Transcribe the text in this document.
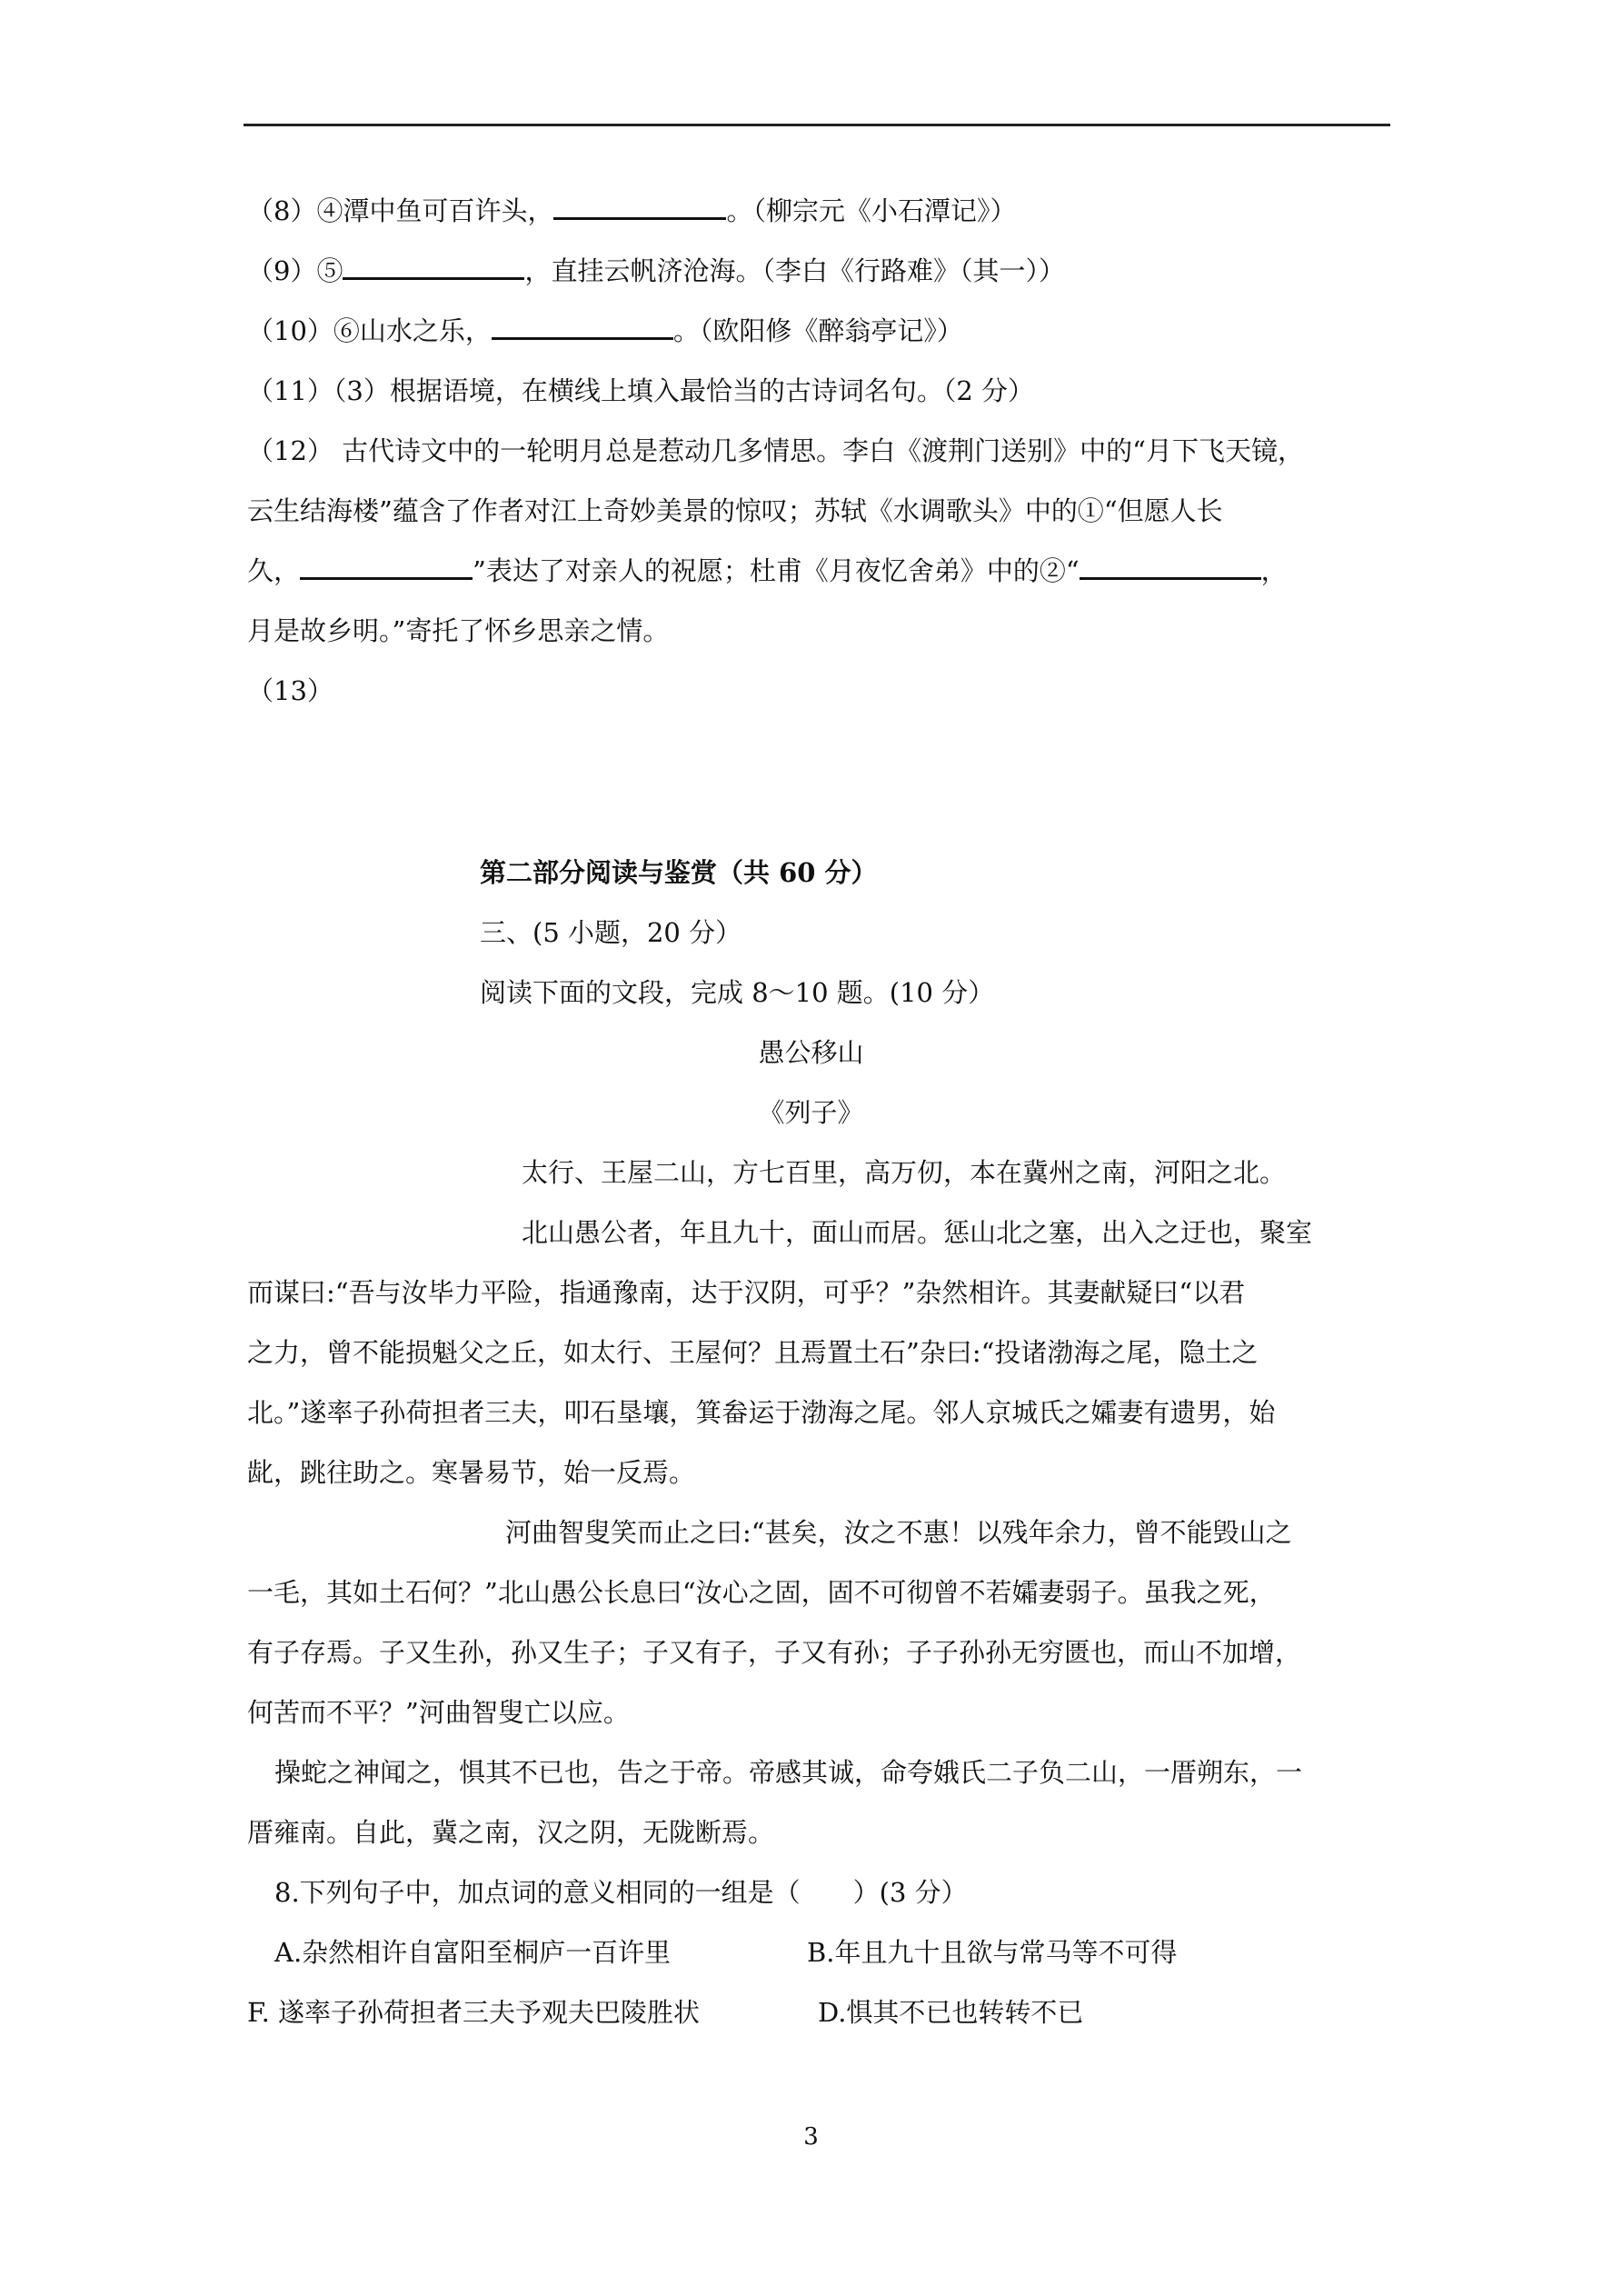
（8）④潭中鱼可百许头，	。（柳宗元《小石潭记》）
（9）⑤	，直挂云帆济沧海。（李白《行路难》（其一））
（10）⑥山水之乐，	。（欧阳修《醉翁亭记》）
（11）（3）根据语境，在横线上填入最恰当的古诗词名句。（2 分）
（12） 古代诗文中的一轮明月总是惹动几多情思。李白《渡荆门送别》中的“月下飞天镜，
云生结海楼”蕴含了作者对江上奇妙美景的惊叹；苏轼《水调歌头》中的①“但愿人长
久，	”表达了对亲人的祝愿；杜甫《月夜忆舍弟》中的②“	，
月是故乡明。”寄托了怀乡思亲之情。
（13）
第二部分阅读与鉴赏（共 60 分）
三、(5 小题，20 分）
阅读下面的文段，完成 8～10 题。(10 分）
愚公移山
《列子》
太行、王屋二山，方七百里，高万仞，本在冀州之南，河阳之北。
北山愚公者，年且九十，面山而居。惩山北之塞，出入之迂也，聚室
而谋曰:“吾与汝毕力平险，指通豫南，达于汉阴，可乎？”杂然相许。其妻献疑曰“以君
之力，曾不能损魁父之丘，如太行、王屋何？且焉置土石”杂曰:“投诸渤海之尾，隐土之
北。”遂率子孙荷担者三夫，叩石垦壤，箕畚运于渤海之尾。邻人京城氏之孀妻有遗男，始
龀，跳往助之。寒暑易节，始一反焉。
河曲智叟笑而止之曰:“甚矣，汝之不惠！以残年余力，曾不能毁山之
一毛，其如土石何？”北山愚公长息曰“汝心之固，固不可彻曾不若孀妻弱子。虽我之死，
有子存焉。子又生孙，孙又生子；子又有子，子又有孙；子子孙孙无穷匮也，而山不加增，
何苦而不平？”河曲智叟亡以应。
操蛇之神闻之，惧其不已也，告之于帝。帝感其诚，命夸娥氏二子负二山，一厝朔东，一
厝雍南。自此，冀之南，汉之阴，无陇断焉。
8.下列句子中，加点词的意义相同的一组是（　　）(3 分）
A.杂然相许自富阳至桐庐一百许里	B.年且九十且欲与常马等不可得
F. 遂率子孙荷担者三夫予观夫巴陵胜状	D.惧其不已也转转不已
3
